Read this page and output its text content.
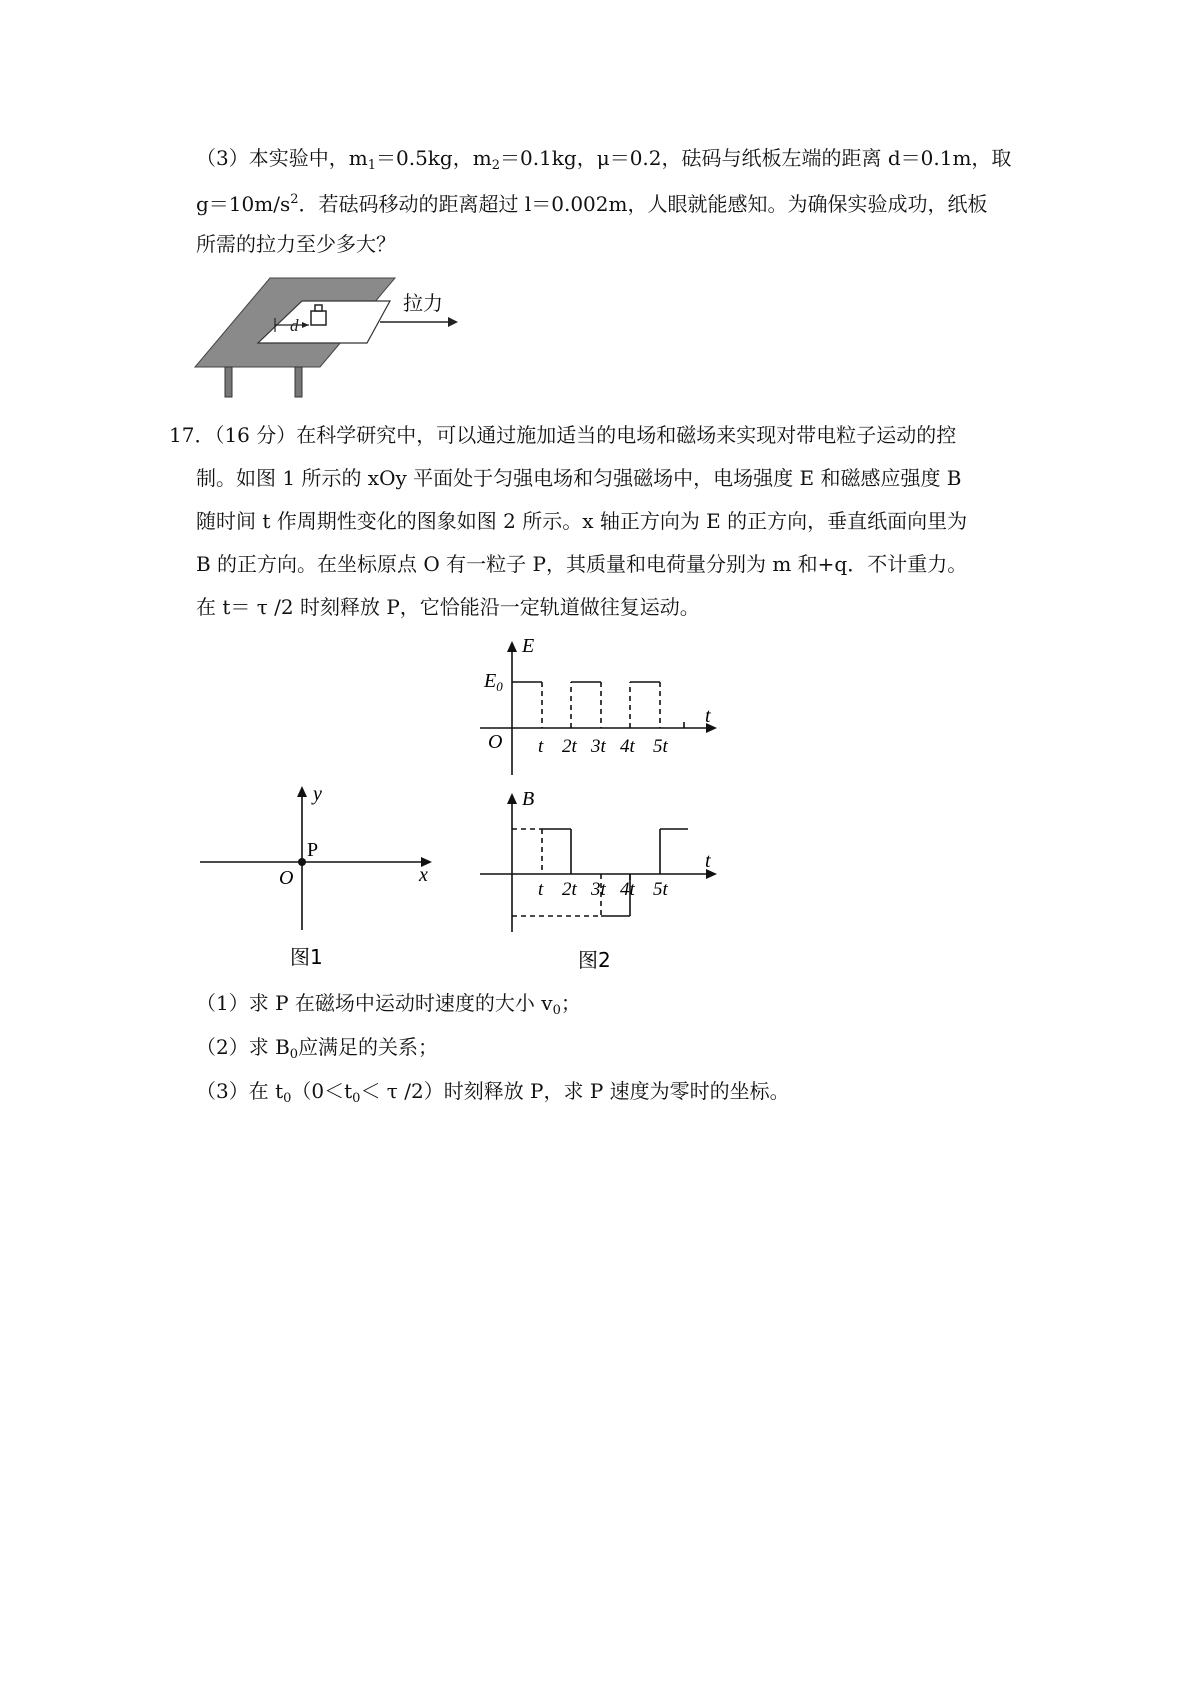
（3）本实验中，$m_1=0.5kg$，$m_2=0.1kg$，μ＝0.2，砝码与纸板左端的距离 d＝0.1m，取
$g=10m/s^2$．若砝码移动的距离超过 l＝0.002m，人眼就能感知。为确保实验成功，纸板
所需的拉力至少多大？
d
拉力
17．（16 分）在科学研究中，可以通过施加适当的电场和磁场来实现对带电粒子运动的控
制。如图 1 所示的 xOy 平面处于匀强电场和匀强磁场中，电场强度 E 和磁感应强度 B
随时间 t 作周期性变化的图象如图 2 所示。x 轴正方向为 E 的正方向，垂直纸面向里为
B 的正方向。在坐标原点 O 有一粒子 P，其质量和电荷量分别为 m 和+q．不计重力。
在 t＝ τ /2 时刻释放 P，它恰能沿一定轨道做往复运动。
y
x
O
P
图1
E
$E_0$
t
O t 2t 3t 4t 5t
B
t
t 2t 3t 4t 5t
图2
（1）求 P 在磁场中运动时速度的大小 $v_0$；
（2）求 $B_0$应满足的关系；
（3）在 $t_0(0<t_0< \tau$ /2）时刻释放 P，求 P 速度为零时的坐标。
